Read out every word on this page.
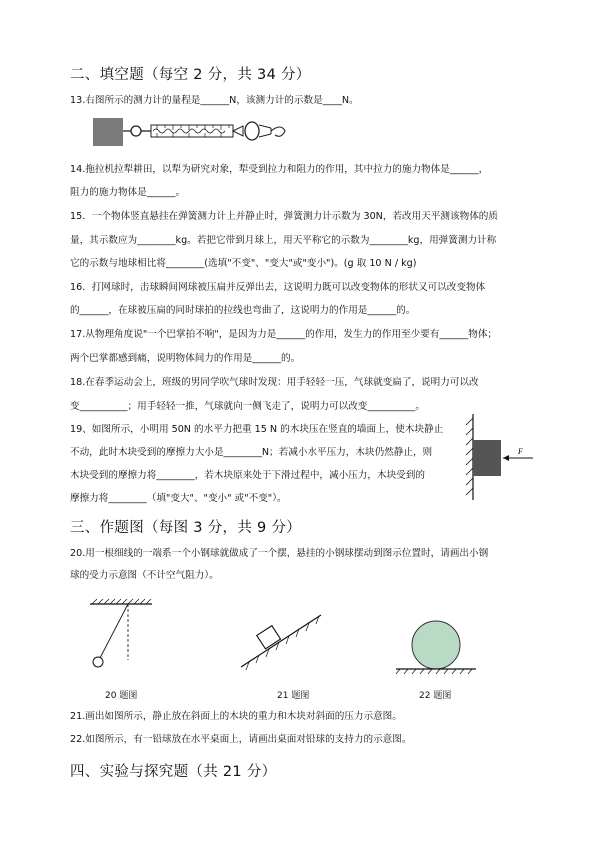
二、填空题（每空 2 分，共 34 分）
13.右图所示的测力计的量程是______N，该测力计的示数是____N。
14.拖拉机拉犁耕田，以犁为研究对象，犁受到拉力和阻力的作用，其中拉力的施力物体是______，
阻力的施力物体是______。
15．一个物体竖直悬挂在弹簧测力计上并静止时，弹簧测力计示数为 30N，若改用天平测该物体的质
量，其示数应为________kg。若把它带到月球上，用天平称它的示数为________kg，用弹簧测力计称
它的示数与地球相比将________(选填"不变"、"变大"或"变小")。(g 取 10 N / kg)
16．打网球时，击球瞬间网球被压扁并反弹出去，这说明力既可以改变物体的形状又可以改变物体
的______，在球被压扁的同时球拍的拉线也弯曲了，这说明力的作用是______的。
17.从物理角度说"一个巴掌拍不响"，是因为力是______的作用，发生力的作用至少要有______物体；
两个巴掌都感到痛，说明物体间力的作用是______的。
18.在春季运动会上，班级的男同学吹气球时发现：用手轻轻一压，气球就变扁了，说明力可以改
变__________；用手轻轻一推，气球就向一侧飞走了，说明力可以改变__________。
19、如图所示，小明用 50N 的水平力把重 15 N 的木块压在竖直的墙面上，使木块静止
不动，此时木块受到的摩擦力大小是________N；若减小水平压力，木块仍然静止，则
木块受到的摩擦力将________，若木块原来处于下滑过程中，减小压力，木块受到的
摩擦力将________（填"变大"、"变小" 或"不变"）。
F
三、作题图（每图 3 分，共 9 分）
20.用一根细线的一端系一个小钢球就做成了一个摆，悬挂的小钢球摆动到图示位置时，请画出小钢
球的受力示意图（不计空气阻力）。
20 题图	21 题图	22 题图
21.画出如图所示，静止放在斜面上的木块的重力和木块对斜面的压力示意图。
22.如图所示，有一铅球放在水平桌面上，请画出桌面对铅球的支持力的示意图。
四、实验与探究题（共 21 分）
